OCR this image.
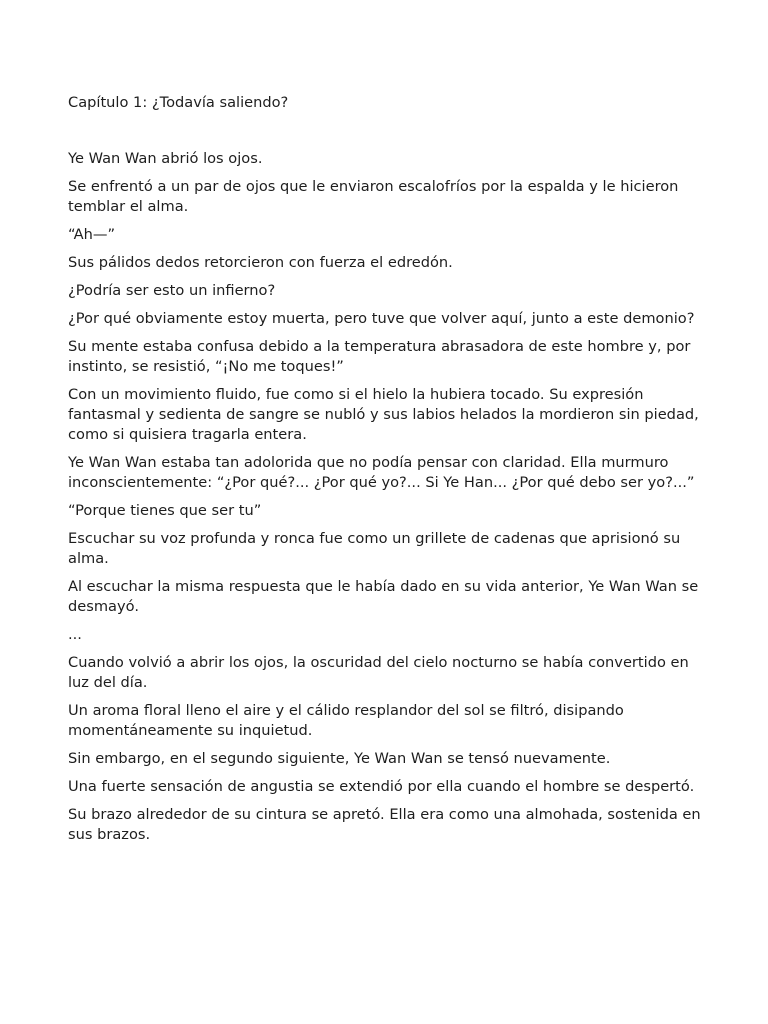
Capítulo 1: ¿Todavía saliendo?

Ye Wan Wan abrió los ojos.

Se enfrentó a un par de ojos que le enviaron escalofríos por la espalda y le hicieron temblar el alma.

“Ah—”

Sus pálidos dedos retorcieron con fuerza el edredón.

¿Podría ser esto un infierno?

¿Por qué obviamente estoy muerta, pero tuve que volver aquí, junto a este demonio?

Su mente estaba confusa debido a la temperatura abrasadora de este hombre y, por instinto, se resistió, “¡No me toques!”

Con un movimiento fluido, fue como si el hielo la hubiera tocado. Su expresión fantasmal y sedienta de sangre se nubló y sus labios helados la mordieron sin piedad, como si quisiera tragarla entera.

Ye Wan Wan estaba tan adolorida que no podía pensar con claridad. Ella murmuro inconscientemente: “¿Por qué?... ¿Por qué yo?... Si Ye Han... ¿Por qué debo ser yo?...”

“Porque tienes que ser tu”

Escuchar su voz profunda y ronca fue como un grillete de cadenas que aprisionó su alma.

Al escuchar la misma respuesta que le había dado en su vida anterior, Ye Wan Wan se desmayó.

...

Cuando volvió a abrir los ojos, la oscuridad del cielo nocturno se había convertido en luz del día.

Un aroma floral lleno el aire y el cálido resplandor del sol se filtró, disipando momentáneamente su inquietud.

Sin embargo, en el segundo siguiente, Ye Wan Wan se tensó nuevamente.

Una fuerte sensación de angustia se extendió por ella cuando el hombre se despertó.

Su brazo alrededor de su cintura se apretó. Ella era como una almohada, sostenida en sus brazos.
